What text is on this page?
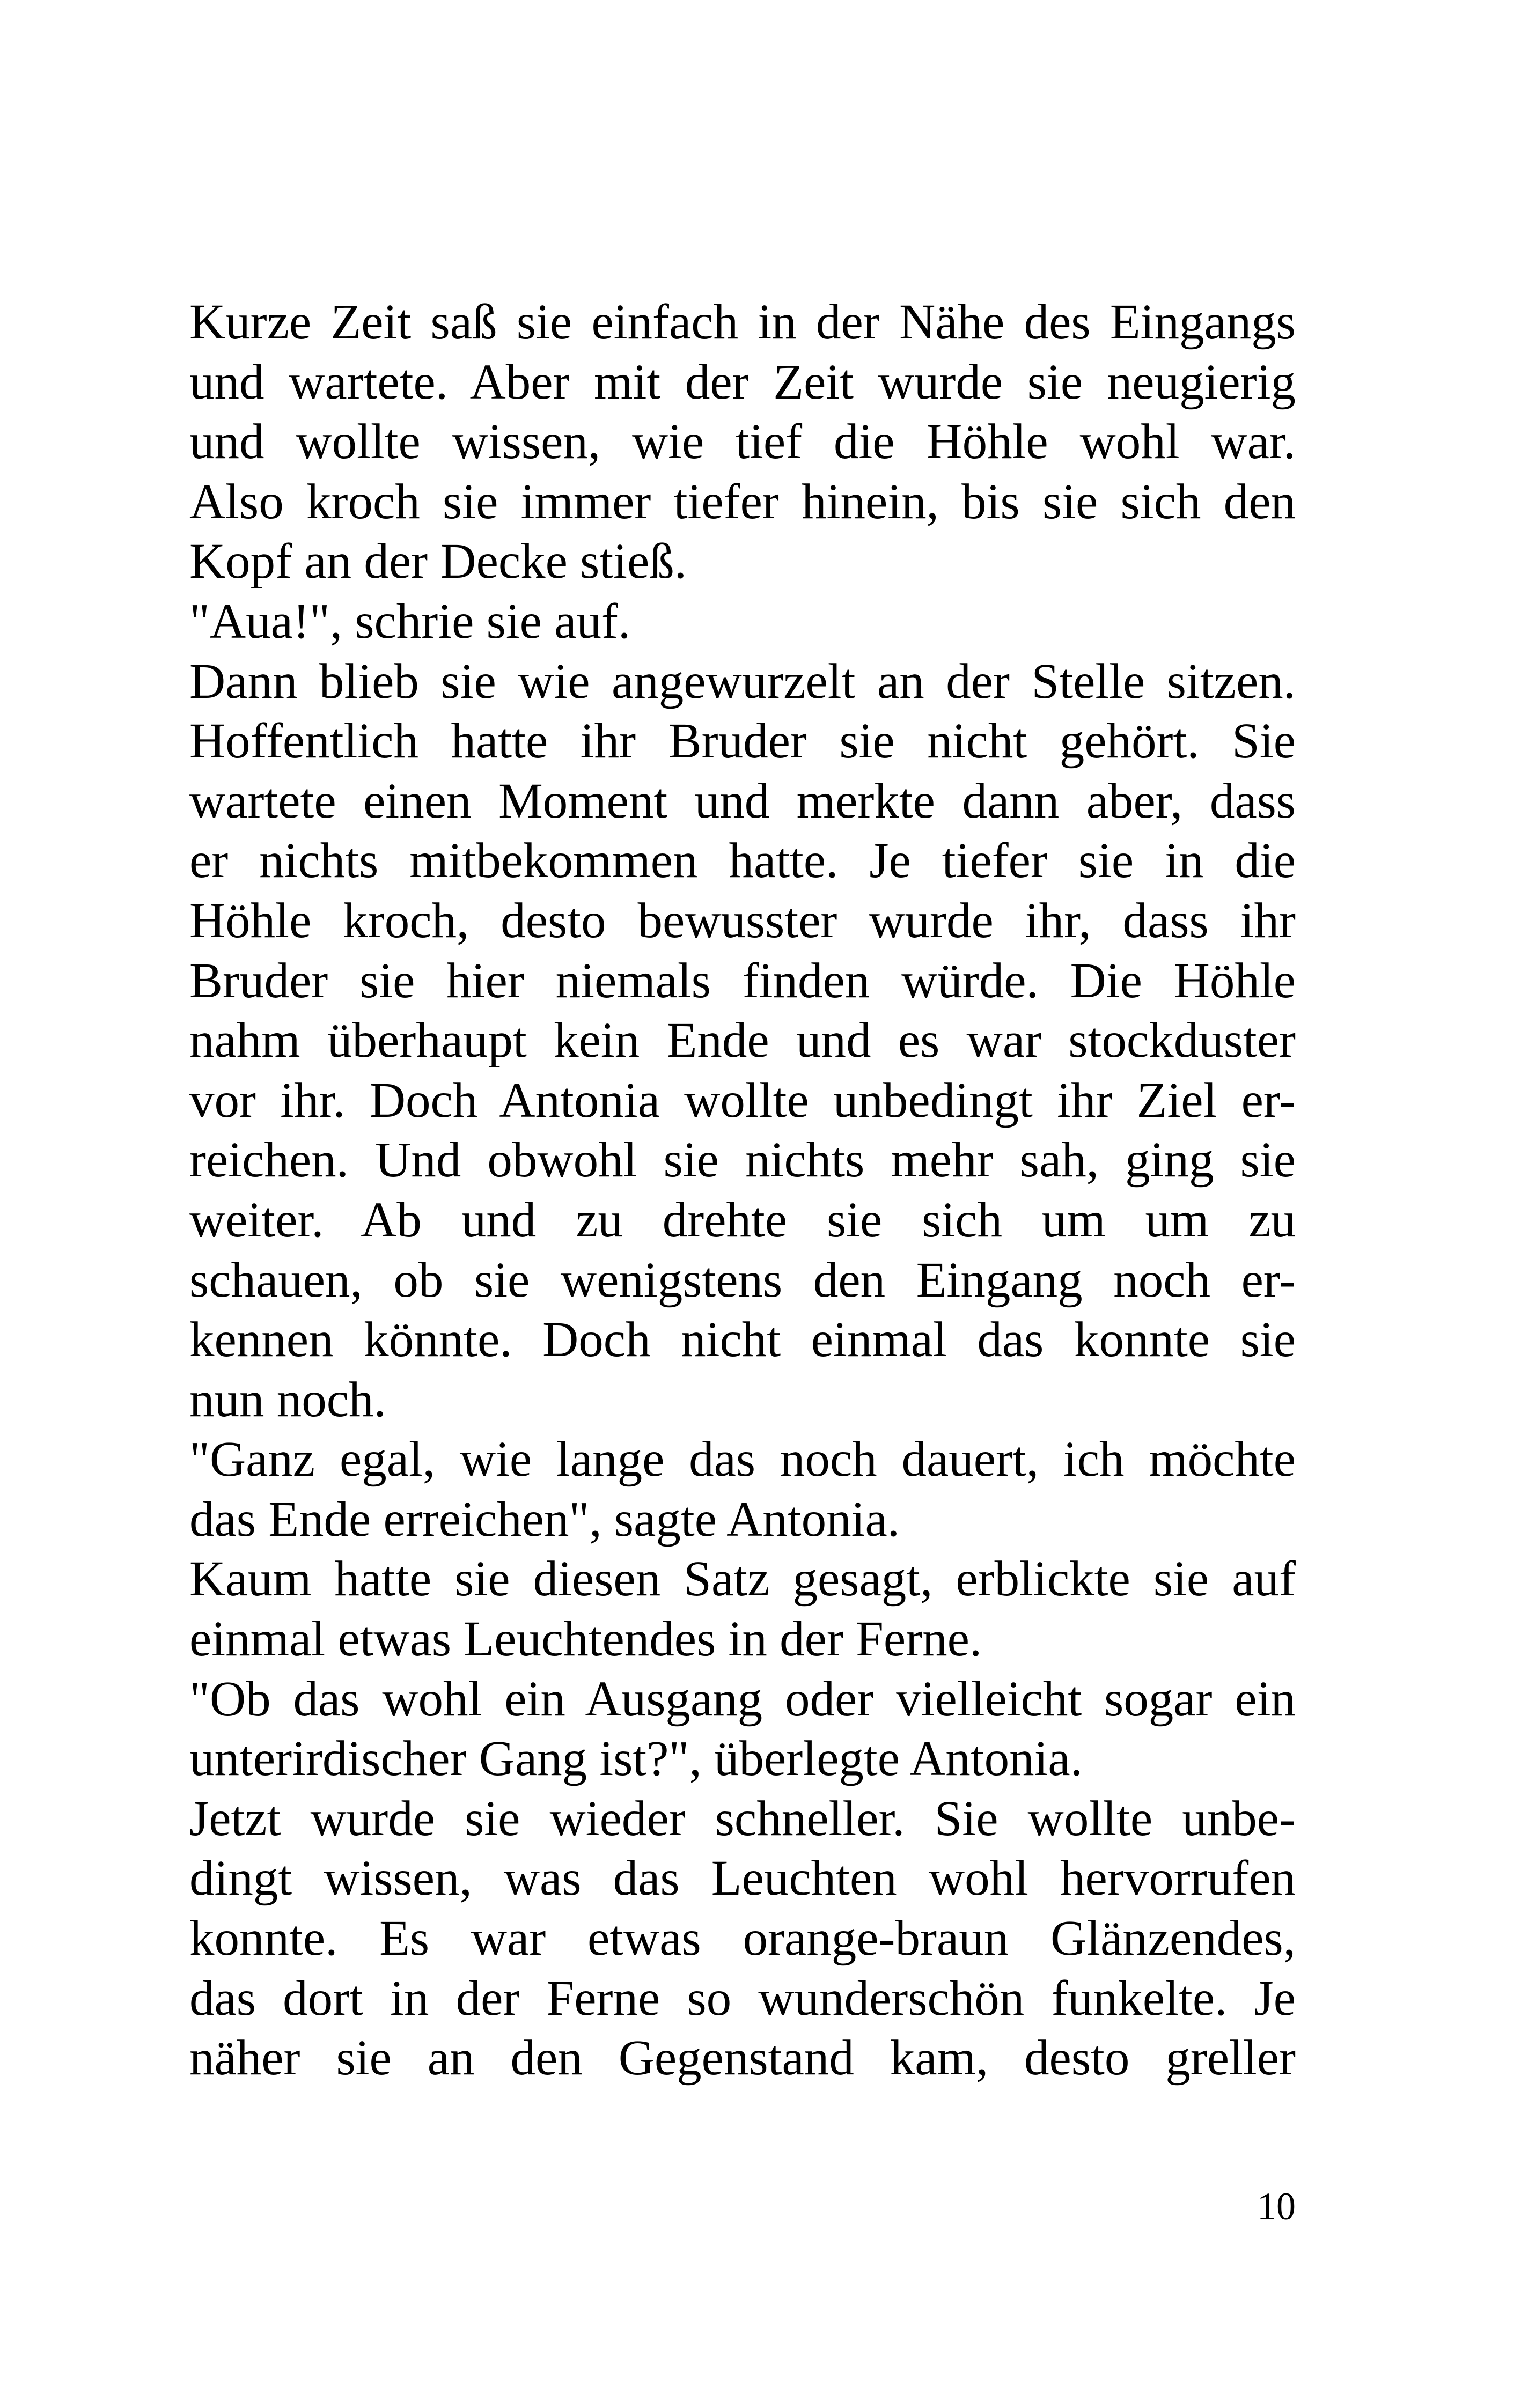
Kurze Zeit saß sie einfach in der Nähe des Eingangs
und wartete. Aber mit der Zeit wurde sie neugierig
und wollte wissen, wie tief die Höhle wohl war.
Also kroch sie immer tiefer hinein, bis sie sich den
Kopf an der Decke stieß.
"Aua!", schrie sie auf.
Dann blieb sie wie angewurzelt an der Stelle sitzen.
Hoffentlich hatte ihr Bruder sie nicht gehört. Sie
wartete einen Moment und merkte dann aber, dass
er nichts mitbekommen hatte. Je tiefer sie in die
Höhle kroch, desto bewusster wurde ihr, dass ihr
Bruder sie hier niemals finden würde. Die Höhle
nahm überhaupt kein Ende und es war stockduster
vor ihr. Doch Antonia wollte unbedingt ihr Ziel er-
reichen. Und obwohl sie nichts mehr sah, ging sie
weiter. Ab und zu drehte sie sich um um zu
schauen, ob sie wenigstens den Eingang noch er-
kennen könnte. Doch nicht einmal das konnte sie
nun noch.
"Ganz egal, wie lange das noch dauert, ich möchte
das Ende erreichen", sagte Antonia.
Kaum hatte sie diesen Satz gesagt, erblickte sie auf
einmal etwas Leuchtendes in der Ferne.
"Ob das wohl ein Ausgang oder vielleicht sogar ein
unterirdischer Gang ist?", überlegte Antonia.
Jetzt wurde sie wieder schneller. Sie wollte unbe-
dingt wissen, was das Leuchten wohl hervorrufen
konnte. Es war etwas orange-braun Glänzendes,
das dort in der Ferne so wunderschön funkelte. Je
näher sie an den Gegenstand kam, desto greller
10
